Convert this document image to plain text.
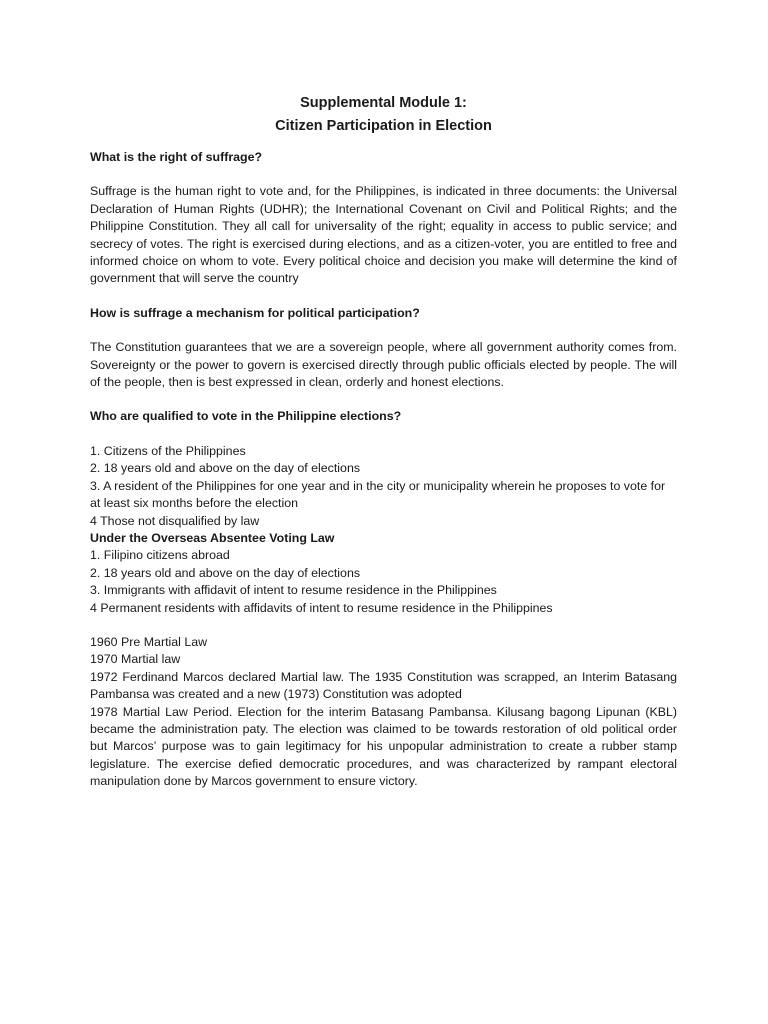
Supplemental Module 1:
Citizen Participation in Election
What is the right of suffrage?
Suffrage is the human right to vote and, for the Philippines, is indicated in three documents: the Universal Declaration of Human Rights (UDHR); the International Covenant on Civil and Political Rights; and the Philippine Constitution. They all call for universality of the right; equality in access to public service; and secrecy of votes. The right is exercised during elections, and as a citizen-voter, you are entitled to free and informed choice on whom to vote. Every political choice and decision you make will determine the kind of government that will serve the country
How is suffrage a mechanism for political participation?
The Constitution guarantees that we are a sovereign people, where all government authority comes from. Sovereignty or the power to govern is exercised directly through public officials elected by people. The will of the people, then is best expressed in clean, orderly and honest elections.
Who are qualified to vote in the Philippine elections?
1. Citizens of the Philippines
2. 18 years old and above on the day of elections
3. A resident of the Philippines for one year and in the city or municipality wherein he proposes to vote for at least six months before the election
4 Those not disqualified by law
Under the Overseas Absentee Voting Law
1. Filipino citizens abroad
2. 18 years old and above on the day of elections
3. Immigrants with affidavit of intent to resume residence in the Philippines
4 Permanent residents with affidavits of intent to resume residence in the Philippines
1960 Pre Martial Law
1970 Martial law
1972 Ferdinand Marcos declared Martial law. The 1935 Constitution was scrapped, an Interim Batasang Pambansa was created and a new (1973) Constitution was adopted
1978 Martial Law Period. Election for the interim Batasang Pambansa. Kilusang bagong Lipunan (KBL) became the administration paty. The election was claimed to be towards restoration of old political order but Marcos’ purpose was to gain legitimacy for his unpopular administration to create a rubber stamp legislature. The exercise defied democratic procedures, and was characterized by rampant electoral manipulation done by Marcos government to ensure victory.
